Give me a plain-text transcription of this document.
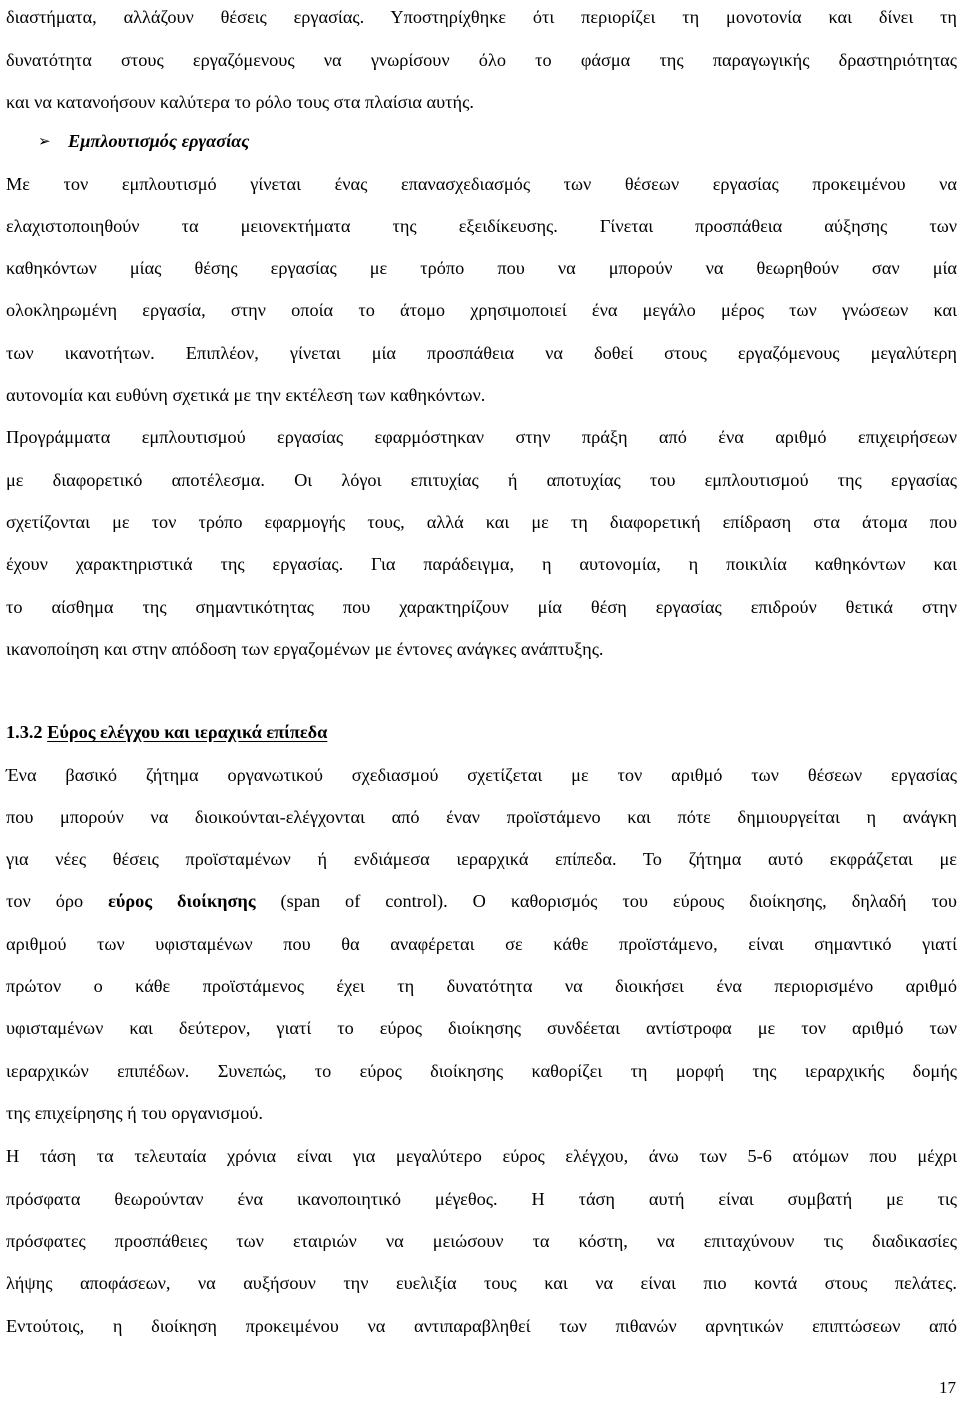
διαστήματα, αλλάζουν θέσεις εργασίας. Υποστηρίχθηκε ότι περιορίζει τη μονοτονία και δίνει τη
δυνατότητα στους εργαζόμενους να γνωρίσουν όλο το φάσμα της παραγωγικής δραστηριότητας
και να κατανοήσουν καλύτερα το ρόλο τους στα πλαίσια αυτής.
➢ Εμπλουτισμός εργασίας
Με τον εμπλουτισμό γίνεται ένας επανασχεδιασμός των θέσεων εργασίας προκειμένου να
ελαχιστοποιηθούν τα μειονεκτήματα της εξειδίκευσης. Γίνεται προσπάθεια αύξησης των
καθηκόντων μίας θέσης εργασίας με τρόπο που να μπορούν να θεωρηθούν σαν μία
ολοκληρωμένη εργασία, στην οποία το άτομο χρησιμοποιεί ένα μεγάλο μέρος των γνώσεων και
των ικανοτήτων. Επιπλέον, γίνεται μία προσπάθεια να δοθεί στους εργαζόμενους μεγαλύτερη
αυτονομία και ευθύνη σχετικά με την εκτέλεση των καθηκόντων.
Προγράμματα εμπλουτισμού εργασίας εφαρμόστηκαν στην πράξη από ένα αριθμό επιχειρήσεων
με διαφορετικό αποτέλεσμα. Οι λόγοι επιτυχίας ή αποτυχίας του εμπλουτισμού της εργασίας
σχετίζονται με τον τρόπο εφαρμογής τους, αλλά και με τη διαφορετική επίδραση στα άτομα που
έχουν χαρακτηριστικά της εργασίας. Για παράδειγμα, η αυτονομία, η ποικιλία καθηκόντων και
το αίσθημα της σημαντικότητας που χαρακτηρίζουν μία θέση εργασίας επιδρούν θετικά στην
ικανοποίηση και στην απόδοση των εργαζομένων με έντονες ανάγκες ανάπτυξης.
1.3.2 Εύρος ελέγχου και ιεραχικά επίπεδα
Ένα βασικό ζήτημα οργανωτικού σχεδιασμού σχετίζεται με τον αριθμό των θέσεων εργασίας
που μπορούν να διοικούνται-ελέγχονται από έναν προϊστάμενο και πότε δημιουργείται η ανάγκη
για νέες θέσεις προϊσταμένων ή ενδιάμεσα ιεραρχικά επίπεδα. Το ζήτημα αυτό εκφράζεται με
τον όρο εύρος διοίκησης (span of control). Ο καθορισμός του εύρους διοίκησης, δηλαδή του
αριθμού των υφισταμένων που θα αναφέρεται σε κάθε προϊστάμενο, είναι σημαντικό γιατί
πρώτον ο κάθε προϊστάμενος έχει τη δυνατότητα να διοικήσει ένα περιορισμένο αριθμό
υφισταμένων και δεύτερον, γιατί το εύρος διοίκησης συνδέεται αντίστροφα με τον αριθμό των
ιεραρχικών επιπέδων. Συνεπώς, το εύρος διοίκησης καθορίζει τη μορφή της ιεραρχικής δομής
της επιχείρησης ή του οργανισμού.
Η τάση τα τελευταία χρόνια είναι για μεγαλύτερο εύρος ελέγχου, άνω των 5-6 ατόμων που μέχρι
πρόσφατα θεωρούνταν ένα ικανοποιητικό μέγεθος. Η τάση αυτή είναι συμβατή με τις
πρόσφατες προσπάθειες των εταιριών να μειώσουν τα κόστη, να επιταχύνουν τις διαδικασίες
λήψης αποφάσεων, να αυξήσουν την ευελιξία τους και να είναι πιο κοντά στους πελάτες.
Εντούτοις, η διοίκηση προκειμένου να αντιπαραβληθεί των πιθανών αρνητικών επιπτώσεων από
17
